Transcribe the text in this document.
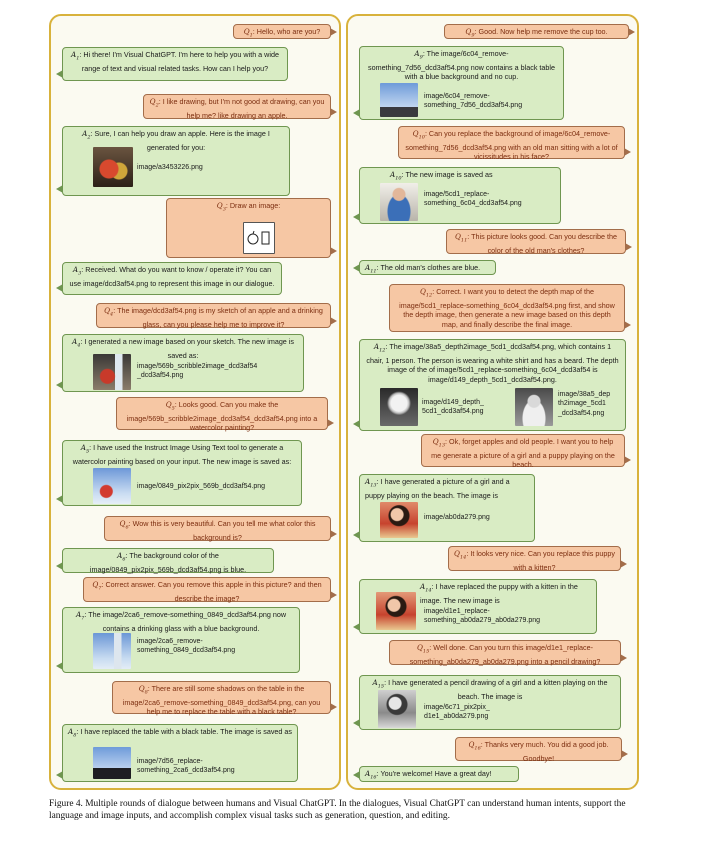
$Q_1$: Hello, who are you?
$A_1$: Hi there! I'm Visual ChatGPT. I'm here to help you with a wide range of text and visual related tasks. How can I help you?
$Q_2$: I like drawing, but I'm not good at drawing, can you help me? like drawing an apple.
$A_2$: Sure, I can help you draw an apple. Here is the image I generated for you:
image/a3453226.png
$Q_3$: Draw an image:
$A_3$: Received. What do you want to know / operate it? You can use image/dcd3af54.png to represent this image in our dialogue.
$Q_4$: The image/dcd3af54.png is my sketch of an apple and a drinking glass, can you please help me to improve it?
$A_4$: I generated a new image based on your sketch. The new image is saved as:
image/569b_scribble2image_dcd3af54 _dcd3af54.png
$Q_5$: Looks good. Can you make the image/569b_scribble2image_dcd3af54_dcd3af54.png into a watercolor painting?
$A_5$: I have used the Instruct Image Using Text tool to generate a watercolor painting based on your input. The new image is saved as:
image/0849_pix2pix_569b_dcd3af54.png
$Q_6$: Wow this is very beautiful. Can you tell me what color this background is?
$A_6$: The background color of the image/0849_pix2pix_569b_dcd3af54.png is blue.
$Q_7$: Correct answer. Can you remove this apple in this picture? and then describe the image?
$A_7$: The image/2ca6_remove-something_0849_dcd3af54.png now contains a drinking glass with a blue background.
image/2ca6_remove-something_0849_dcd3af54.png
$Q_8$: There are still some shadows on the table in the image/2ca6_remove-something_0849_dcd3af54.png, can you help me to replace the table with a black table?
$A_8$: I have replaced the table with a black table. The image is saved as
image/7d56_replace-something_2ca6_dcd3af54.png
$Q_9$: Good. Now help me remove the cup too.
$A_9$: The image/6c04_remove-something_7d56_dcd3af54.png now contains a black table with a blue background and no cup.
image/6c04_remove-something_7d56_dcd3af54.png
$Q_{10}$: Can you replace the background of image/6c04_remove-something_7d56_dcd3af54.png with an old man sitting with a lot of vicissitudes in his face?
$A_{10}$: The new image is saved as
image/5cd1_replace-something_6c04_dcd3af54.png
$Q_{11}$: This picture looks good. Can you describe the color of the old man's clothes?
$A_{11}$: The old man's clothes are blue.
$Q_{12}$: Correct. I want you to detect the depth map of the image/5cd1_replace-something_6c04_dcd3af54.png first, and show the depth image, then generate a new image based on this depth map, and finally describe the final image.
$A_{12}$: The image/38a5_depth2image_5cd1_dcd3af54.png, which contains 1 chair, 1 person. The person is wearing a white shirt and has a beard. The depth image of the of image/5cd1_replace-something_6c04_dcd3af54 is image/d149_depth_5cd1_dcd3af54.png.
image/d149_depth_ 5cd1_dcd3af54.png
image/38a5_dep th2image_5cd1 _dcd3af54.png
$Q_{13}$: Ok, forget apples and old people. I want you to help me generate a picture of a girl and a puppy playing on the beach.
$A_{13}$: I have generated a picture of a girl and a puppy playing on the beach. The image is
image/ab0da279.png
$Q_{14}$: It looks very nice. Can you replace this puppy with a kitten?
$A_{14}$: I have replaced the puppy with a kitten in the image. The new image is
image/d1e1_replace-something_ab0da279_ab0da279.png
$Q_{15}$: Well done. Can you turn this image/d1e1_replace-something_ab0da279_ab0da279.png into a pencil drawing?
$A_{15}$: I have generated a pencil drawing of a girl and a kitten playing on the beach. The image is
image/6c71_pix2pix_ d1e1_ab0da279.png
$Q_{16}$: Thanks very much. You did a good job. Goodbye!
$A_{16}$: You're welcome! Have a great day!
Figure 4. Multiple rounds of dialogue between humans and Visual ChatGPT. In the dialogues, Visual ChatGPT can understand human intents, support the language and image inputs, and accomplish complex visual tasks such as generation, question, and editing.
